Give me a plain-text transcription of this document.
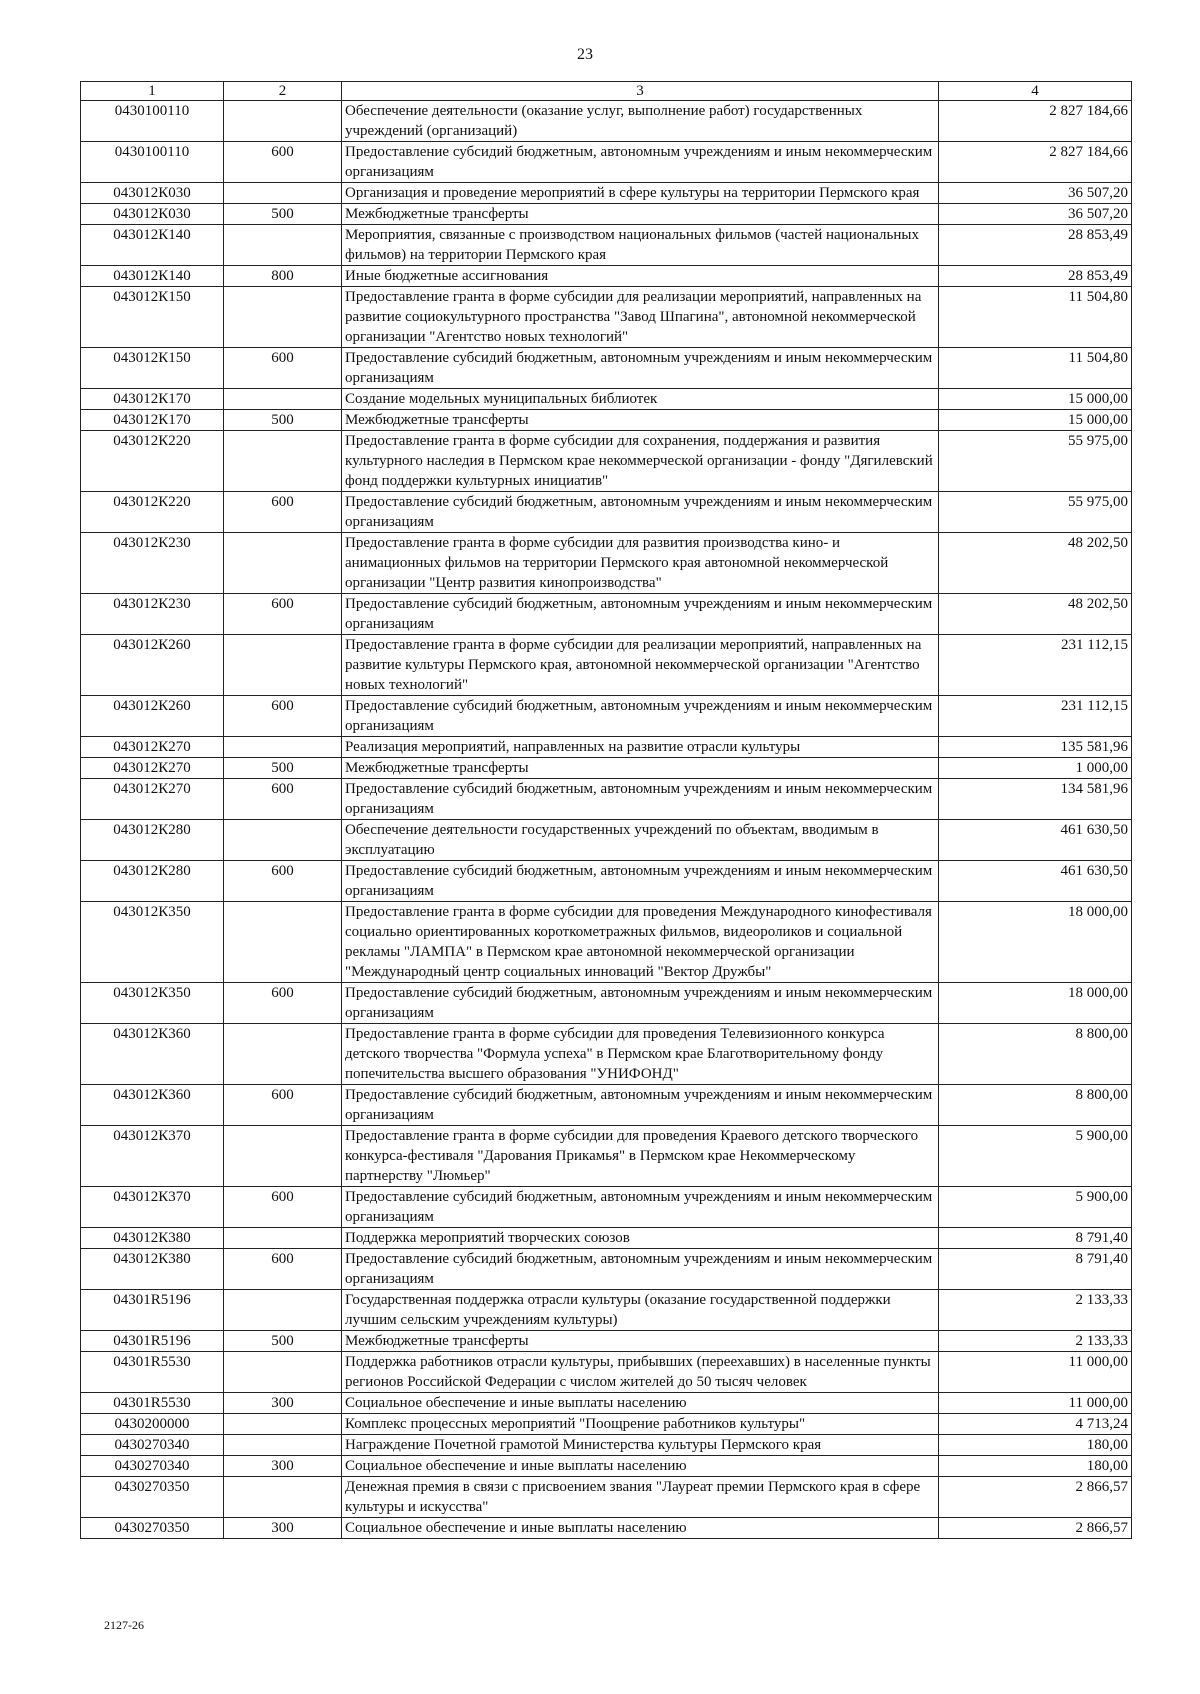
23
1	2	3	4
0430100110		Обеспечение деятельности (оказание услуг, выполнение работ) государственных учреждений (организаций)	2 827 184,66
0430100110	600	Предоставление субсидий бюджетным, автономным учреждениям и иным некоммерческим организациям	2 827 184,66
043012К030		Организация и проведение мероприятий в сфере культуры на территории Пермского края	36 507,20
043012К030	500	Межбюджетные трансферты	36 507,20
043012К140		Мероприятия, связанные с производством национальных фильмов (частей национальных фильмов) на территории Пермского края	28 853,49
043012К140	800	Иные бюджетные ассигнования	28 853,49
043012К150		Предоставление гранта в форме субсидии для реализации мероприятий, направленных на развитие социокультурного пространства "Завод Шпагина", автономной некоммерческой организации "Агентство новых технологий"	11 504,80
043012К150	600	Предоставление субсидий бюджетным, автономным учреждениям и иным некоммерческим организациям	11 504,80
043012К170		Создание модельных муниципальных библиотек	15 000,00
043012К170	500	Межбюджетные трансферты	15 000,00
043012К220		Предоставление гранта в форме субсидии для сохранения, поддержания и развития культурного наследия в Пермском крае некоммерческой организации - фонду "Дягилевский фонд поддержки культурных инициатив"	55 975,00
043012К220	600	Предоставление субсидий бюджетным, автономным учреждениям и иным некоммерческим организациям	55 975,00
043012К230		Предоставление гранта в форме субсидии для развития производства кино- и анимационных фильмов на территории Пермского края автономной некоммерческой организации "Центр развития кинопроизводства"	48 202,50
043012К230	600	Предоставление субсидий бюджетным, автономным учреждениям и иным некоммерческим организациям	48 202,50
043012К260		Предоставление гранта в форме субсидии для реализации мероприятий, направленных на развитие культуры Пермского края, автономной некоммерческой организации "Агентство новых технологий"	231 112,15
043012К260	600	Предоставление субсидий бюджетным, автономным учреждениям и иным некоммерческим организациям	231 112,15
043012К270		Реализация мероприятий, направленных на развитие отрасли культуры	135 581,96
043012К270	500	Межбюджетные трансферты	1 000,00
043012К270	600	Предоставление субсидий бюджетным, автономным учреждениям и иным некоммерческим организациям	134 581,96
043012К280		Обеспечение деятельности государственных учреждений по объектам, вводимым в эксплуатацию	461 630,50
043012К280	600	Предоставление субсидий бюджетным, автономным учреждениям и иным некоммерческим организациям	461 630,50
043012К350		Предоставление гранта в форме субсидии для проведения Международного кинофестиваля социально ориентированных короткометражных фильмов, видеороликов и социальной рекламы "ЛАМПА" в Пермском крае автономной некоммерческой организации "Международный центр социальных инноваций "Вектор Дружбы"	18 000,00
043012К350	600	Предоставление субсидий бюджетным, автономным учреждениям и иным некоммерческим организациям	18 000,00
043012К360		Предоставление гранта в форме субсидии для проведения Телевизионного конкурса детского творчества "Формула успеха" в Пермском крае Благотворительному фонду попечительства высшего образования "УНИФОНД"	8 800,00
043012К360	600	Предоставление субсидий бюджетным, автономным учреждениям и иным некоммерческим организациям	8 800,00
043012К370		Предоставление гранта в форме субсидии для проведения Краевого детского творческого конкурса-фестиваля "Дарования Прикамья" в Пермском крае Некоммерческому партнерству "Люмьер"	5 900,00
043012К370	600	Предоставление субсидий бюджетным, автономным учреждениям и иным некоммерческим организациям	5 900,00
043012К380		Поддержка мероприятий творческих союзов	8 791,40
043012К380	600	Предоставление субсидий бюджетным, автономным учреждениям и иным некоммерческим организациям	8 791,40
04301R5196		Государственная поддержка отрасли культуры (оказание государственной поддержки лучшим сельским учреждениям культуры)	2 133,33
04301R5196	500	Межбюджетные трансферты	2 133,33
04301R5530		Поддержка работников отрасли культуры, прибывших (переехавших) в населенные пункты регионов Российской Федерации с числом жителей до 50 тысяч человек	11 000,00
04301R5530	300	Социальное обеспечение и иные выплаты населению	11 000,00
0430200000		Комплекс процессных мероприятий "Поощрение работников культуры"	4 713,24
0430270340		Награждение Почетной грамотой Министерства культуры Пермского края	180,00
0430270340	300	Социальное обеспечение и иные выплаты населению	180,00
0430270350		Денежная премия в связи с присвоением звания "Лауреат премии Пермского края в сфере культуры и искусства"	2 866,57
0430270350	300	Социальное обеспечение и иные выплаты населению	2 866,57
2127-26
